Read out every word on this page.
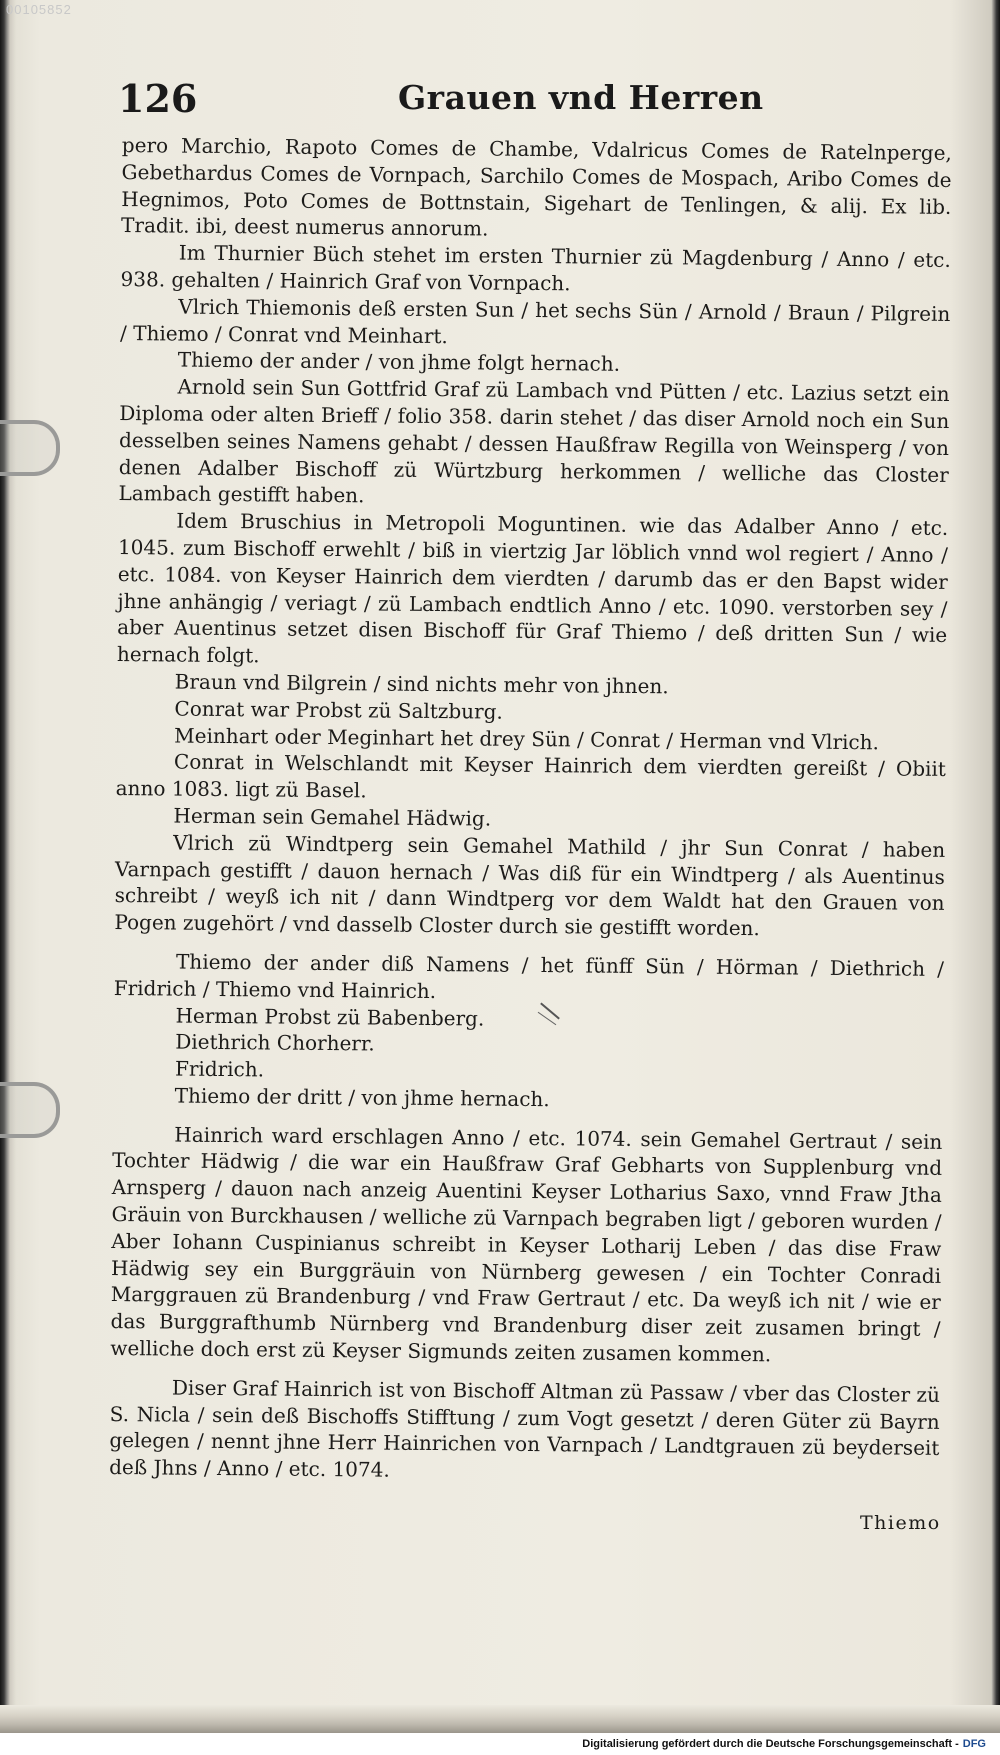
00105852
126	Grauen vnd Herren

pero Marchio, Rapoto Comes de Chambe, Vdalricus Comes de Ratelnperge, Gebethardus Comes de Vornpach, Sarchilo Comes de Mospach, Aribo Comes de Hegnimos, Poto Comes de Bottnstain, Sigehart de Tenlingen, & alij. Ex lib. Tradit. ibi, deest numerus annorum.

Im Thurnier Büch stehet im ersten Thurnier zü Magdenburg / Anno / etc. 938. gehalten / Hainrich Graf von Vornpach.

Vlrich Thiemonis deß ersten Sun / het sechs Sün / Arnold / Braun / Pilgrein / Thiemo / Conrat vnd Meinhart.

Thiemo der ander / von jhme folgt hernach.

Arnold sein Sun Gottfrid Graf zü Lambach vnd Pütten / etc. Lazius setzt ein Diploma oder alten Brieff / folio 358. darin stehet / das diser Arnold noch ein Sun desselben seines Namens gehabt / dessen Haußfraw Regilla von Weinsperg / von denen Adalber Bischoff zü Würtzburg herkommen / welliche das Closter Lambach gestifft haben.

Idem Bruschius in Metropoli Moguntinen. wie das Adalber Anno / etc. 1045. zum Bischoff erwehlt / biß in viertzig Jar löblich vnnd wol regiert / Anno / etc. 1084. von Keyser Hainrich dem vierdten / darumb das er den Bapst wider jhne anhängig / veriagt / zü Lambach endtlich Anno / etc. 1090. verstorben sey / aber Auentinus setzet disen Bischoff für Graf Thiemo / deß dritten Sun / wie hernach folgt.

Braun vnd Bilgrein / sind nichts mehr von jhnen.

Conrat war Probst zü Saltzburg.

Meinhart oder Meginhart het drey Sün / Conrat / Herman vnd Vlrich.

Conrat in Welschlandt mit Keyser Hainrich dem vierdten gereißt / Obiit anno 1083. ligt zü Basel.

Herman sein Gemahel Hädwig.

Vlrich zü Windtperg sein Gemahel Mathild / jhr Sun Conrat / haben Varnpach gestifft / dauon hernach / Was diß für ein Windtperg / als Auentinus schreibt / weyß ich nit / dann Windtperg vor dem Waldt hat den Grauen von Pogen zugehört / vnd dasselb Closter durch sie gestifft worden.

Thiemo der ander diß Namens / het fünff Sün / Hörman / Diethrich / Fridrich / Thiemo vnd Hainrich.

Herman Probst zü Babenberg.

Diethrich Chorherr.

Fridrich.

Thiemo der dritt / von jhme hernach.

Hainrich ward erschlagen Anno / etc. 1074. sein Gemahel Gertraut / sein Tochter Hädwig / die war ein Haußfraw Graf Gebharts von Supplenburg vnd Arnsperg / dauon nach anzeig Auentini Keyser Lotharius Saxo, vnnd Fraw Jtha Gräuin von Burckhausen / welliche zü Varnpach begraben ligt / geboren wurden / Aber Iohann Cuspinianus schreibt in Keyser Lotharij Leben / das dise Fraw Hädwig sey ein Burggräuin von Nürnberg gewesen / ein Tochter Conradi Marggrauen zü Brandenburg / vnd Fraw Gertraut / etc. Da weyß ich nit / wie er das Burggrafthumb Nürnberg vnd Brandenburg diser zeit zusamen bringt / welliche doch erst zü Keyser Sigmunds zeiten zusamen kommen.

Diser Graf Hainrich ist von Bischoff Altman zü Passaw / vber das Closter zü S. Nicla / sein deß Bischoffs Stifftung / zum Vogt gesetzt / deren Güter zü Bayrn gelegen / nennt jhne Herr Hainrichen von Varnpach / Landtgrauen zü beyderseit deß Jhns / Anno / etc. 1074.

Thiemo
Digitalisierung gefördert durch die Deutsche Forschungsgemeinschaft - DFG
